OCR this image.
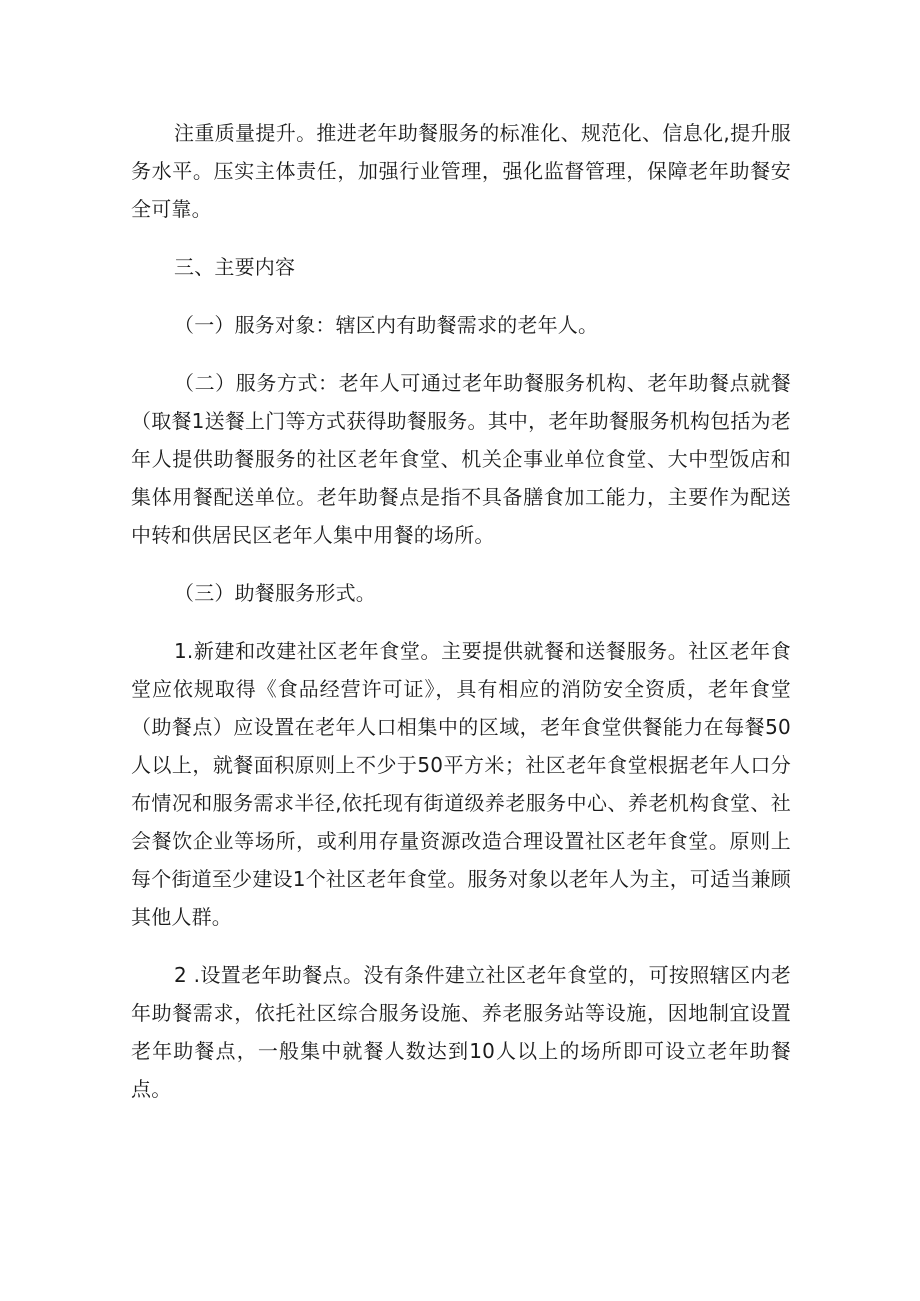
注重质量提升。推进老年助餐服务的标准化、规范化、信息化,提升服务水平。压实主体责任，加强行业管理，强化监督管理，保障老年助餐安全可靠。

三、主要内容

（一）服务对象：辖区内有助餐需求的老年人。

（二）服务方式：老年人可通过老年助餐服务机构、老年助餐点就餐（取餐1送餐上门等方式获得助餐服务。其中，老年助餐服务机构包括为老年人提供助餐服务的社区老年食堂、机关企事业单位食堂、大中型饭店和集体用餐配送单位。老年助餐点是指不具备膳食加工能力，主要作为配送中转和供居民区老年人集中用餐的场所。

（三）助餐服务形式。

1.新建和改建社区老年食堂。主要提供就餐和送餐服务。社区老年食堂应依规取得《食品经营许可证》，具有相应的消防安全资质，老年食堂（助餐点）应设置在老年人口相集中的区域，老年食堂供餐能力在每餐50人以上，就餐面积原则上不少于50平方米；社区老年食堂根据老年人口分布情况和服务需求半径,依托现有街道级养老服务中心、养老机构食堂、社会餐饮企业等场所，或利用存量资源改造合理设置社区老年食堂。原则上每个街道至少建设1个社区老年食堂。服务对象以老年人为主，可适当兼顾其他人群。

2 .设置老年助餐点。没有条件建立社区老年食堂的，可按照辖区内老年助餐需求，依托社区综合服务设施、养老服务站等设施，因地制宜设置老年助餐点，一般集中就餐人数达到10人以上的场所即可设立老年助餐点。
